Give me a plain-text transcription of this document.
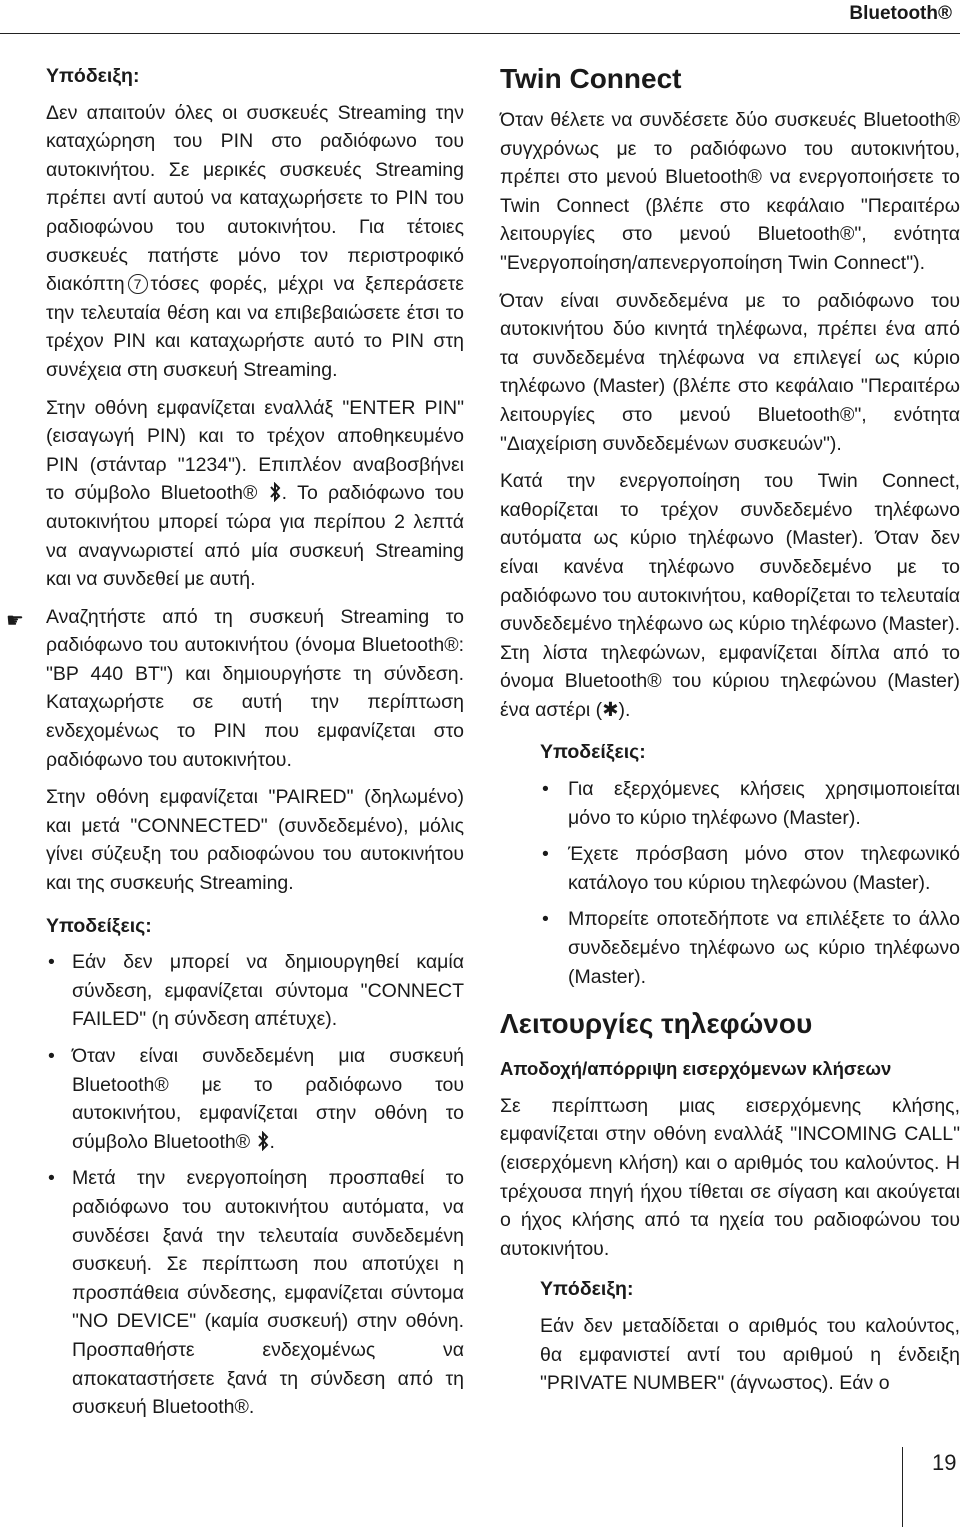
Bluetooth®
Υπόδειξη:

Δεν απαιτούν όλες οι συσκευές Streaming την καταχώρηση του PIN στο ραδιόφωνο του αυτοκινήτου. Σε μερικές συσκευές Streaming πρέπει αντί αυτού να καταχωρήσετε το PIN του ραδιοφώνου του αυτοκινήτου. Για τέτοιες συσκευές πατήστε μόνο τον περιστροφικό διακόπτη 7 τόσες φορές, μέχρι να ξεπεράσετε την τελευταία θέση και να επιβεβαιώσετε έτσι το τρέχον PIN και καταχωρήστε αυτό το PIN στη συνέχεια στη συσκευή Streaming.

Στην οθόνη εμφανίζεται εναλλάξ "ENTER PIN" (εισαγωγή PIN) και το τρέχον αποθηκευμένο PIN (στάνταρ "1234"). Επιπλέον αναβοσβήνει το σύμβολο Bluetooth® . Το ραδιόφωνο του αυτοκινήτου μπορεί τώρα για περίπου 2 λεπτά να αναγνωριστεί από μία συσκευή Streaming και να συνδεθεί με αυτή.

☛ Αναζητήστε από τη συσκευή Streaming το ραδιόφωνο του αυτοκινήτου (όνομα Bluetooth®: "BP 440 BT") και δημιουργήστε τη σύνδεση. Καταχωρήστε σε αυτή την περίπτωση ενδεχομένως το PIN που εμφανίζεται στο ραδιόφωνο του αυτοκινήτου.

Στην οθόνη εμφανίζεται "PAIRED" (δηλωμένο) και μετά "CONNECTED" (συνδεδεμένο), μόλις γίνει σύζευξη του ραδιοφώνου του αυτοκινήτου και της συσκευής Streaming.

Υποδείξεις:
• Εάν δεν μπορεί να δημιουργηθεί καμία σύνδεση, εμφανίζεται σύντομα "CONNECT FAILED" (η σύνδεση απέτυχε).
• Όταν είναι συνδεδεμένη μια συσκευή Bluetooth® με το ραδιόφωνο του αυτοκινήτου, εμφανίζεται στην οθόνη το σύμβολο Bluetooth® .
• Μετά την ενεργοποίηση προσπαθεί το ραδιόφωνο του αυτοκινήτου αυτόματα, να συνδέσει ξανά την τελευταία συνδεδεμένη συσκευή. Σε περίπτωση που αποτύχει η προσπάθεια σύνδεσης, εμφανίζεται σύντομα "NO DEVICE" (καμία συσκευή) στην οθόνη. Προσπαθήστε ενδεχομένως να αποκαταστήσετε ξανά τη σύνδεση από τη συσκευή Bluetooth®.
Twin Connect

Όταν θέλετε να συνδέσετε δύο συσκευές Bluetooth® συγχρόνως με το ραδιόφωνο του αυτοκινήτου, πρέπει στο μενού Bluetooth® να ενεργοποιήσετε το Twin Connect (βλέπε στο κεφάλαιο "Περαιτέρω λειτουργίες στο μενού Bluetooth®", ενότητα "Ενεργοποίηση/απενεργοποίηση Twin Connect").

Όταν είναι συνδεδεμένα με το ραδιόφωνο του αυτοκινήτου δύο κινητά τηλέφωνα, πρέπει ένα από τα συνδεδεμένα τηλέφωνα να επιλεγεί ως κύριο τηλέφωνο (Master) (βλέπε στο κεφάλαιο "Περαιτέρω λειτουργίες στο μενού Bluetooth®", ενότητα "Διαχείριση συνδεδεμένων συσκευών").

Κατά την ενεργοποίηση του Twin Connect, καθορίζεται το τρέχον συνδεδεμένο τηλέφωνο αυτόματα ως κύριο τηλέφωνο (Master). Όταν δεν είναι κανένα τηλέφωνο συνδεδεμένο με το ραδιόφωνο του αυτοκινήτου, καθορίζεται το τελευταία συνδεδεμένο τηλέφωνο ως κύριο τηλέφωνο (Master). Στη λίστα τηλεφώνων, εμφανίζεται δίπλα από το όνομα Bluetooth® του κύριου τηλεφώνου (Master) ένα αστέρι (✱).

Υποδείξεις:
• Για εξερχόμενες κλήσεις χρησιμοποιείται μόνο το κύριο τηλέφωνο (Master).
• Έχετε πρόσβαση μόνο στον τηλεφωνικό κατάλογο του κύριου τηλεφώνου (Master).
• Μπορείτε οποτεδήποτε να επιλέξετε το άλλο συνδεδεμένο τηλέφωνο ως κύριο τηλέφωνο (Master).
Λειτουργίες τηλεφώνου
Αποδοχή/απόρριψη εισερχόμενων κλήσεων

Σε περίπτωση μιας εισερχόμενης κλήσης, εμφανίζεται στην οθόνη εναλλάξ "INCOMING CALL" (εισερχόμενη κλήση) και ο αριθμός του καλούντος. Η τρέχουσα πηγή ήχου τίθεται σε σίγαση και ακούγεται ο ήχος κλήσης από τα ηχεία του ραδιοφώνου του αυτοκινήτου.

Υπόδειξη:

Εάν δεν μεταδίδεται ο αριθμός του καλούντος, θα εμφανιστεί αντί του αριθμού η ένδειξη "PRIVATE NUMBER" (άγνωστος). Εάν ο

19
